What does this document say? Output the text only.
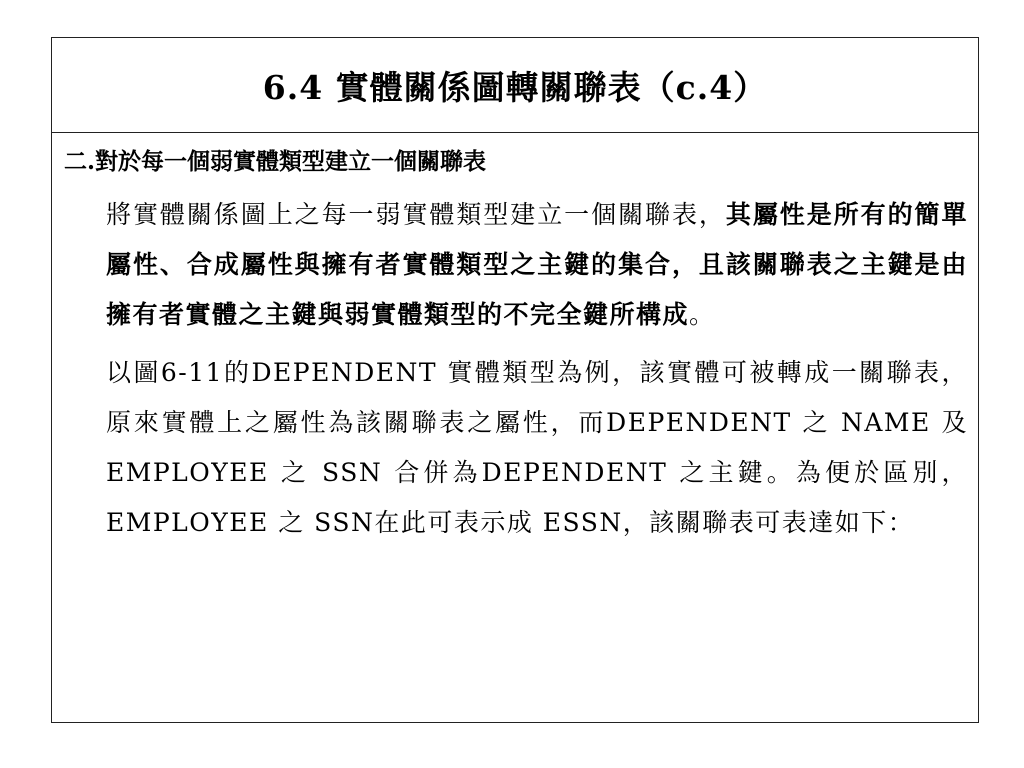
6.4 實體關係圖轉關聯表（c.4）
二.對於每一個弱實體類型建立一個關聯表

將實體關係圖上之每一弱實體類型建立一個關聯表，其屬性是所有的簡單屬性、合成屬性與擁有者實體類型之主鍵的集合，且該關聯表之主鍵是由擁有者實體之主鍵與弱實體類型的不完全鍵所構成。

以圖6-11的DEPENDENT 實體類型為例，該實體可被轉成一關聯表，原來實體上之屬性為該關聯表之屬性，而DEPENDENT 之 NAME 及EMPLOYEE 之 SSN 合併為DEPENDENT 之主鍵。為便於區別，EMPLOYEE 之 SSN在此可表示成 ESSN，該關聯表可表達如下：
